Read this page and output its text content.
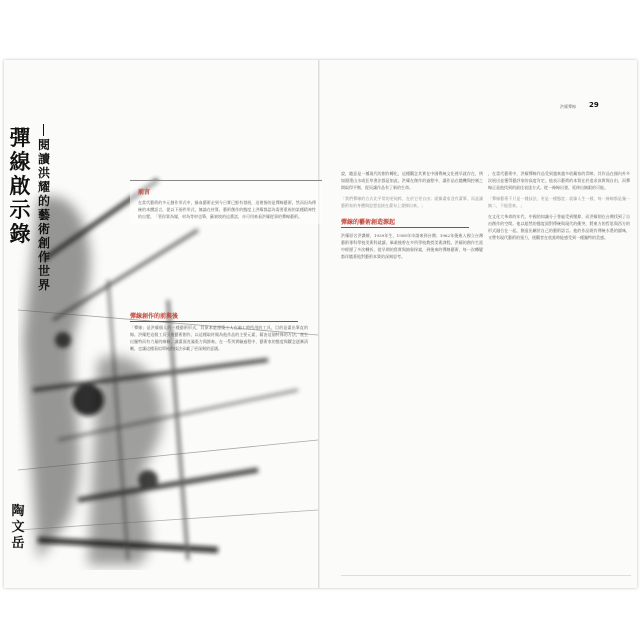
彈線啟示錄
閱讀洪耀的藝術創作世界
陶文岳
前言
在當代藝術的多元創作形式中，綠血藝術走到今日實已鮮有發展，這裡指的是彈線藝術。然而因為傳統的本體語言，從以下兩件形式，無論在材質、藝術創作的態度上洪耀都認為需要重視的某種精神性的自覺。「管你質為媒，材為等材也筆，蘇東坡的這番話，亦可用來看洪耀從事的彈線藝術。
彈線創作的前與後
「彈線」是洪耀個人的一種藝術形式，其原本是建築工人在施工時所用的工具，目的是畫出筆直的線。洪耀把這個工具引進藝術創作，以這種取材做為他作品的主要元素，藉由這個特殊的方法，產生出獨特而有力量的線條，讓畫面充滿張力與節奏。在一系列實驗過程中，藝術家的態度與觀念逐漸清晰，也讓這種看似單純的技法承載了更深刻的意涵。
洪耀彈線 29
說，隨意是一種現代的創作轉化，這種觀念其實在中國傳統文化裡早就存在，例如潑墨山水或狂草書法都是如此。洪耀在創作的過程中，讓作品在隨機與控制之間取得平衡，從而讓作品有了新的生命。
「我們彈線的方式比平常的更純粹，在於它更自由；就像畫家沒有畫筆，而是讓藝術家的身體與思想直接在畫布上發揮出來。」
彈線的藝術創造源起
洪耀原名洪讚勝，1939年生，1958年申請來到台灣；1962年後進入國立台灣藝術專科學校美術科就讀，畢業後曾在多所學校教授美術課程。洪耀的創作生涯中經歷了多次轉折，從早期的寫實與抽象探索，到後來的彈線藝術，每一次轉變都伴隨著他對藝術本質的深刻思考。
，在當代藝術中，洪耀彈線作品受到越來越多收藏家的青睞，其作品在國內外多次展出並獲得藝評家的高度肯定。他表示藝術的本質在於追求真實與自由，而彈線正是他找到的最佳表達方式。從一條線出發，延伸出無限的可能。
「彈線藝術不只是一種技法，更是一種態度；就像人生一樣，每一條線都是獨一無二，不能重來。」
在文化大革命的年代，中國的知識分子普遍受到壓抑，而洪耀則在台灣找到了自由創作的空間。他以超然的態度面對傳統與現代的衝突，將東方的哲思與西方的形式融合在一起，創造出屬於自己的藝術語言。他的作品既有傳統水墨的韻味，又帶有現代藝術的張力，使觀者在欣賞時能感受到一種獨特的美感。
